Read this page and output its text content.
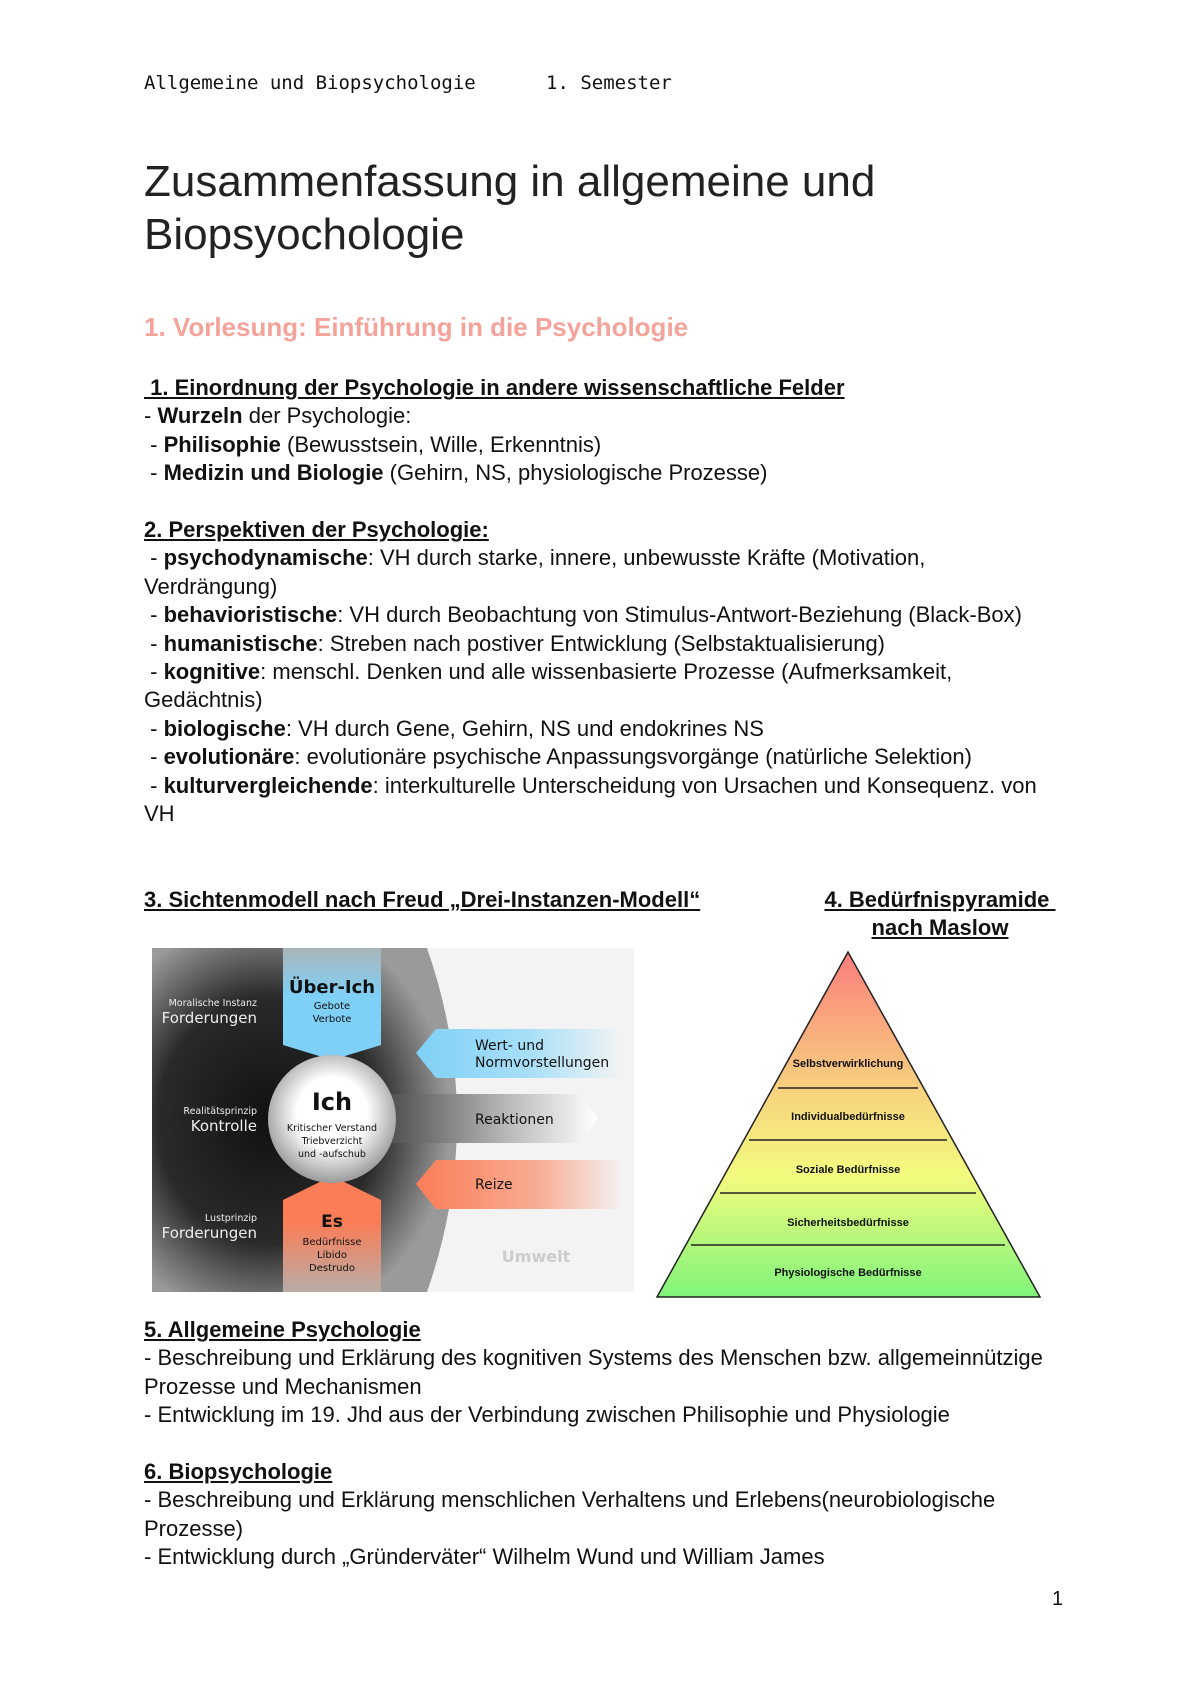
Allgemeine und Biopsychologie	1. Semester
Zusammenfassung in allgemeine und
Biopsyochologie
1. Vorlesung: Einführung in die Psychologie
1. Einordnung der Psychologie in andere wissenschaftliche Felder
- Wurzeln der Psychologie:
- Philisophie (Bewusstsein, Wille, Erkenntnis)
- Medizin und Biologie (Gehirn, NS, physiologische Prozesse)
2. Perspektiven der Psychologie:
- psychodynamische: VH durch starke, innere, unbewusste Kräfte (Motivation, Verdrängung)
- behavioristische: VH durch Beobachtung von Stimulus-Antwort-Beziehung (Black-Box)
- humanistische: Streben nach postiver Entwicklung (Selbstaktualisierung)
- kognitive: menschl. Denken und alle wissenbasierte Prozesse (Aufmerksamkeit, Gedächtnis)
- biologische: VH durch Gene, Gehirn, NS und endokrines NS
- evolutionäre: evolutionäre psychische Anpassungsvorgänge (natürliche Selektion)
- kulturvergleichende: interkulturelle Unterscheidung von Ursachen und Konsequenz. von VH
3. Sichtenmodell nach Freud „Drei-Instanzen-Modell“	4. Bedürfnispyramide
nach Maslow
Über-Ich
Gebote
Verbote
Ich
Kritischer Verstand
Triebverzicht
und -aufschub
Es
Bedürfnisse
Libido
Destrudo
Moralische Instanz
Forderungen
Realitätsprinzip
Kontrolle
Lustprinzip
Forderungen
Wert- und
Normvorstellungen
Reaktionen
Reize
Umwelt
Selbstverwirklichung
Individualbedürfnisse
Soziale Bedürfnisse
Sicherheitsbedürfnisse
Physiologische Bedürfnisse
5. Allgemeine Psychologie
- Beschreibung und Erklärung des kognitiven Systems des Menschen bzw. allgemeinnützige Prozesse und Mechanismen
- Entwicklung im 19. Jhd aus der Verbindung zwischen Philisophie und Physiologie
6. Biopsychologie
- Beschreibung und Erklärung menschlichen Verhaltens und Erlebens(neurobiologische Prozesse)
- Entwicklung durch „Gründerväter“ Wilhelm Wund und William James
1
